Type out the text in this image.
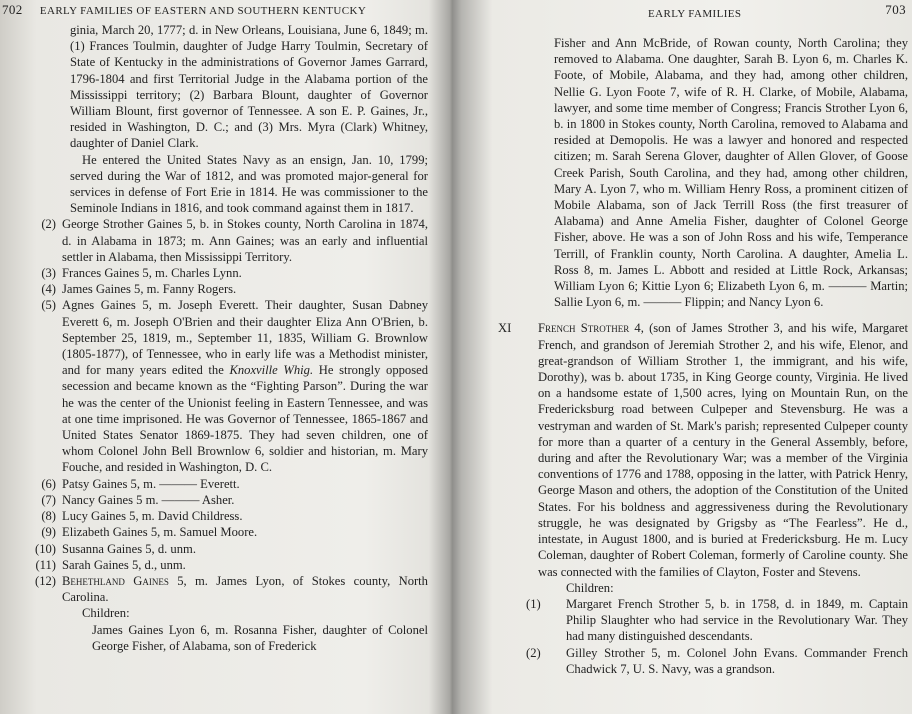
702 EARLY FAMILIES OF EASTERN AND SOUTHERN KENTUCKY

ginia, March 20, 1777; d. in New Orleans, Louisiana, June 6, 1849; m. (1) Frances Toulmin, daughter of Judge Harry Toulmin, Secretary of State of Kentucky in the administrations of Governor James Garrard, 1796-1804 and first Territorial Judge in the Alabama portion of the Mississippi territory; (2) Barbara Blount, daughter of Governor William Blount, first governor of Tennessee. A son E. P. Gaines, Jr., resided in Washington, D. C.; and (3) Mrs. Myra (Clark) Whitney, daughter of Daniel Clark.

He entered the United States Navy as an ensign, Jan. 10, 1799; served during the War of 1812, and was promoted major-general for services in defense of Fort Erie in 1814. He was commissioner to the Seminole Indians in 1816, and took command against them in 1817.

(2) George Strother Gaines 5, b. in Stokes county, North Carolina in 1874, d. in Alabama in 1873; m. Ann Gaines; was an early and influential settler in Alabama, then Mississippi Territory.
(3) Frances Gaines 5, m. Charles Lynn.
(4) James Gaines 5, m. Fanny Rogers.
(5) Agnes Gaines 5, m. Joseph Everett. Their daughter, Susan Dabney Everett 6, m. Joseph O'Brien and their daughter Eliza Ann O'Brien, b. September 25, 1819, m., September 11, 1835, William G. Brownlow (1805-1877), of Tennessee, who in early life was a Methodist minister, and for many years edited the Knoxville Whig. He strongly opposed secession and became known as the “Fighting Parson”. During the war he was the center of the Unionist feeling in Eastern Tennessee, and was at one time imprisoned. He was Governor of Tennessee, 1865-1867 and United States Senator 1869-1875. They had seven children, one of whom Colonel John Bell Brownlow 6, soldier and historian, m. Mary Fouche, and resided in Washington, D. C.
(6) Patsy Gaines 5, m. ——— Everett.
(7) Nancy Gaines 5 m. ——— Asher.
(8) Lucy Gaines 5, m. David Childress.
(9) Elizabeth Gaines 5, m. Samuel Moore.
(10) Susanna Gaines 5, d. unm.
(11) Sarah Gaines 5, d., unm.
(12) Behethland Gaines 5, m. James Lyon, of Stokes county, North Carolina.

Children:

James Gaines Lyon 6, m. Rosanna Fisher, daughter of Colonel George Fisher, of Alabama, son of Frederick

EARLY FAMILIES	703

Fisher and Ann McBride, of Rowan county, North Carolina; they removed to Alabama. One daughter, Sarah B. Lyon 6, m. Charles K. Foote, of Mobile, Alabama, and they had, among other children, Nellie G. Lyon Foote 7, wife of R. H. Clarke, of Mobile, Alabama, lawyer, and some time member of Congress; Francis Strother Lyon 6, b. in 1800 in Stokes county, North Carolina, removed to Alabama and resided at Demopolis. He was a lawyer and honored and respected citizen; m. Sarah Serena Glover, daughter of Allen Glover, of Goose Creek Parish, South Carolina, and they had, among other children, Mary A. Lyon 7, who m. William Henry Ross, a prominent citizen of Mobile Alabama, son of Jack Terrill Ross (the first treasurer of Alabama) and Anne Amelia Fisher, daughter of Colonel George Fisher, above. He was a son of John Ross and his wife, Temperance Terrill, of Franklin county, North Carolina. A daughter, Amelia L. Ross 8, m. James L. Abbott and resided at Little Rock, Arkansas; William Lyon 6; Kittie Lyon 6; Elizabeth Lyon 6, m. ——— Martin; Sallie Lyon 6, m. ——— Flippin; and Nancy Lyon 6.

XI French Strother 4, (son of James Strother 3, and his wife, Margaret French, and grandson of Jeremiah Strother 2, and his wife, Elenor, and great-grandson of William Strother 1, the immigrant, and his wife, Dorothy), was b. about 1735, in King George county, Virginia. He lived on a handsome estate of 1,500 acres, lying on Mountain Run, on the Fredericksburg road between Culpeper and Stevensburg. He was a vestryman and warden of St. Mark's parish; represented Culpeper county for more than a quarter of a century in the General Assembly, before, during and after the Revolutionary War; was a member of the Virginia conventions of 1776 and 1788, opposing in the latter, with Patrick Henry, George Mason and others, the adoption of the Constitution of the United States. For his boldness and aggressiveness during the Revolutionary struggle, he was designated by Grigsby as “The Fearless”. He d., intestate, in August 1800, and is buried at Fredericksburg. He m. Lucy Coleman, daughter of Robert Coleman, formerly of Caroline county. She was connected with the families of Clayton, Foster and Stevens.

Children:

(1) Margaret French Strother 5, b. in 1758, d. in 1849, m. Captain Philip Slaughter who had service in the Revolutionary War. They had many distinguished descendants.
(2) Gilley Strother 5, m. Colonel John Evans. Commander French Chadwick 7, U. S. Navy, was a grandson.
